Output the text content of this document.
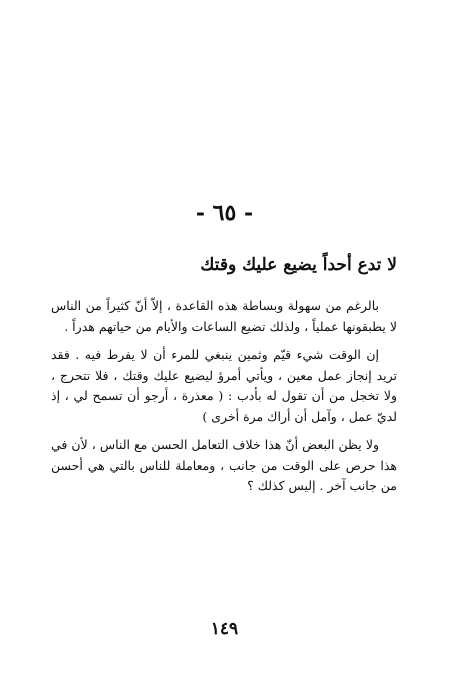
- ٦٥ -
لا تدع أحداً يضيع عليك وقتك

بالرغم من سهولة وبساطة هذه القاعدة ، إلاّ أنّ كثيراً من الناس لا يطبقونها عملياً ، ولذلك تضيع الساعات والأيام من حياتهم هدراً .

إن الوقت شيء قيّم وثمين ينبغي للمرء أن لا يفرط فيه . فقد تريد إنجاز عمل معين ، ويأتي أمرؤ ليضيع عليك وقتك ، فلا تتحرج ، ولا تخجل من أن تقول له بأدب : ( معذرة ، أرجو أن تسمح لي ، إذ لديّ عمل ، وآمل أن أراك مرة أخرى )

ولا يظن البعض أنّ هذا خلاف التعامل الحسن مع الناس ، لأن في هذا حرص على الوقت من جانب ، ومعاملة للناس بالتي هي أحسن من جانب آخر . إليس كذلك ؟

١٤٩
